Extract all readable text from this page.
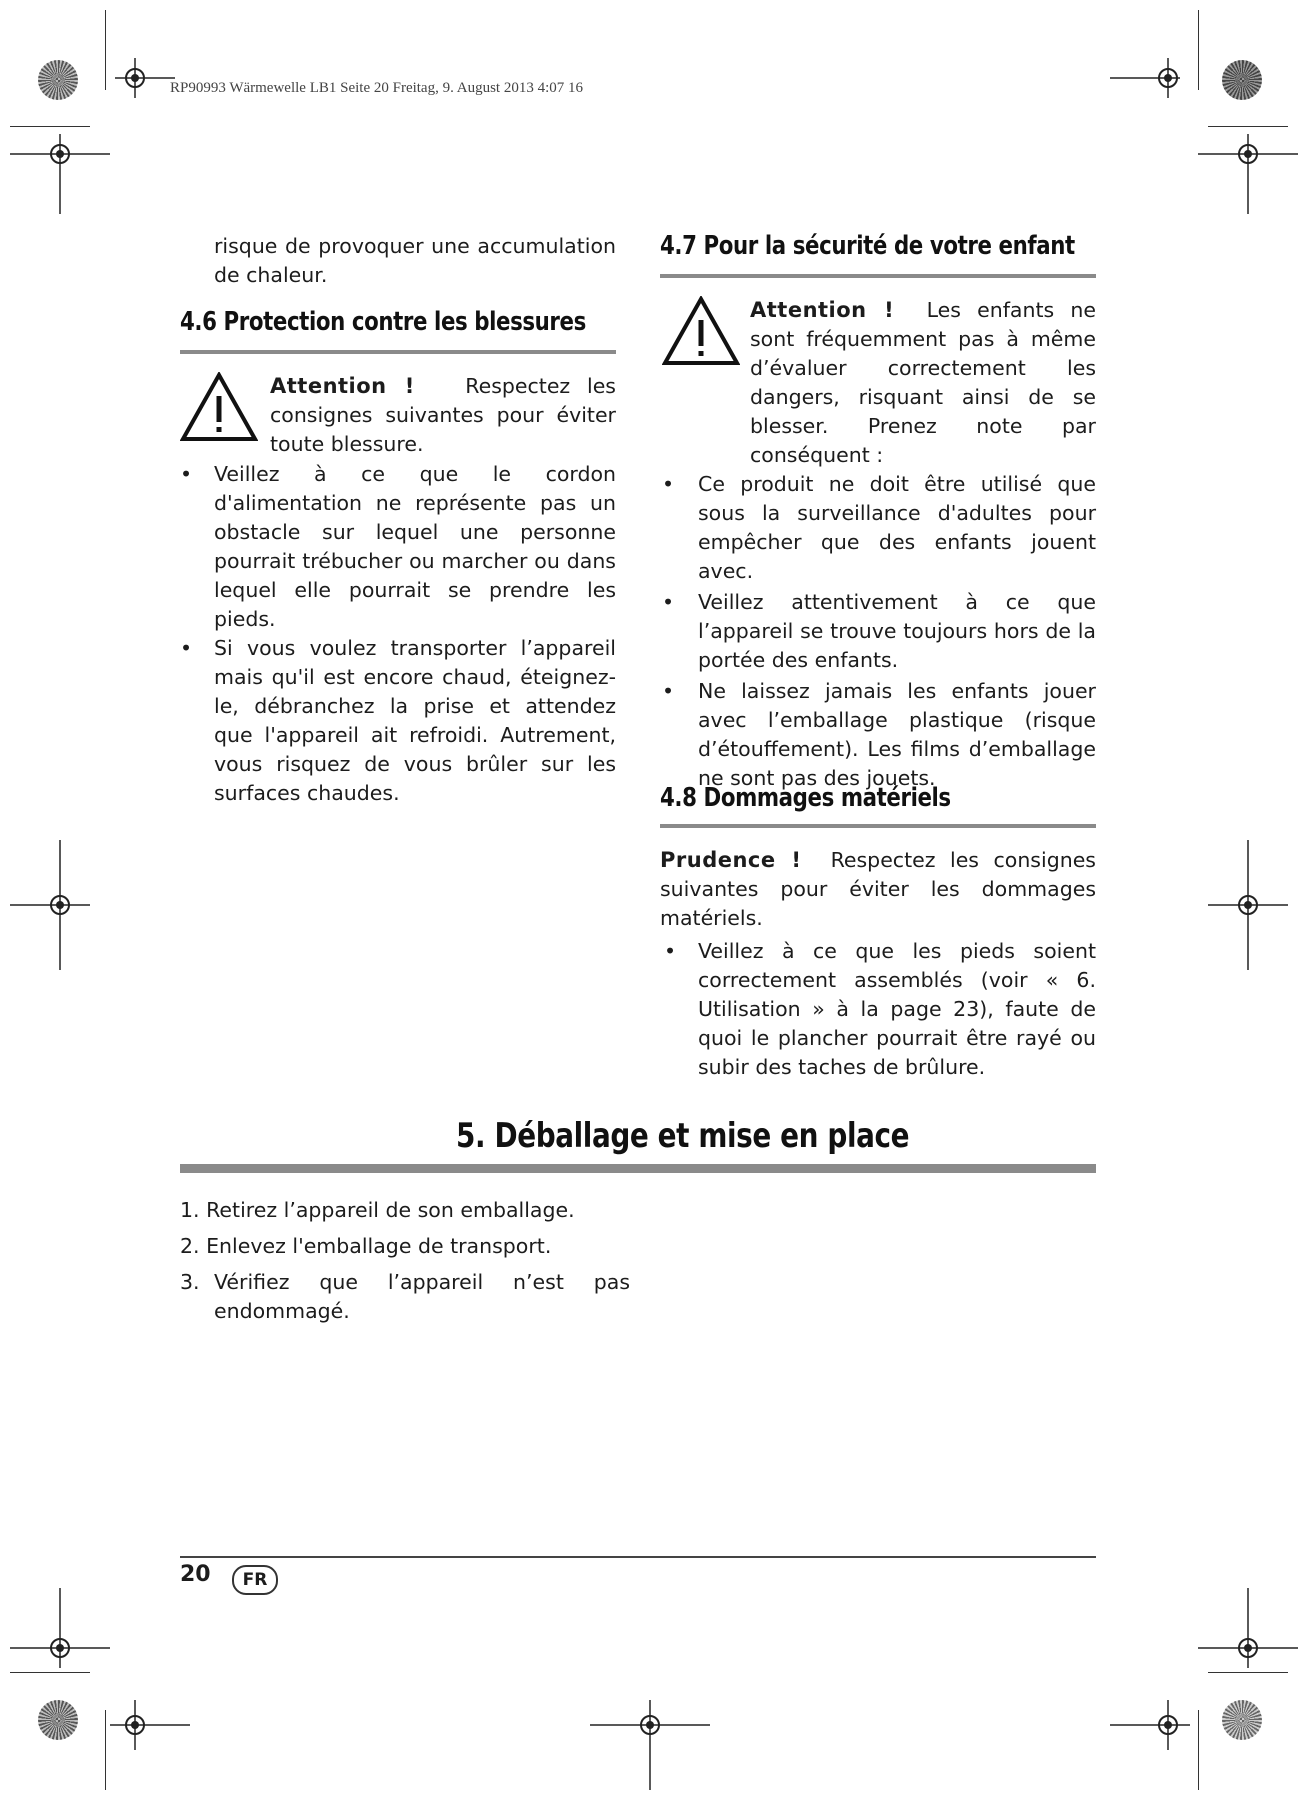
RP90993 Wärmewelle LB1 Seite 20 Freitag, 9. August 2013 4:07 16

risque de provoquer une accumulation de chaleur.

4.6 Protection contre les blessures

Attention ! Respectez les consignes suivantes pour éviter toute blessure.

• Veillez à ce que le cordon d'alimentation ne représente pas un obstacle sur lequel une personne pourrait trébucher ou marcher ou dans lequel elle pourrait se prendre les pieds.

• Si vous voulez transporter l’appareil mais qu'il est encore chaud, éteignez-le, débranchez la prise et attendez que l'appareil ait refroidi. Autrement, vous risquez de vous brûler sur les surfaces chaudes.

4.7 Pour la sécurité de votre enfant

Attention ! Les enfants ne sont fréquemment pas à même d’évaluer correctement les dangers, risquant ainsi de se blesser. Prenez note par conséquent :

• Ce produit ne doit être utilisé que sous la surveillance d'adultes pour empêcher que des enfants jouent avec.

• Veillez attentivement à ce que l’appareil se trouve toujours hors de la portée des enfants.

• Ne laissez jamais les enfants jouer avec l’emballage plastique (risque d’étouffement). Les films d’emballage ne sont pas des jouets.

4.8 Dommages matériels

Prudence ! Respectez les consignes suivantes pour éviter les dommages matériels.

• Veillez à ce que les pieds soient correctement assemblés (voir « 6. Utilisation » à la page 23), faute de quoi le plancher pourrait être rayé ou subir des taches de brûlure.

5. Déballage et mise en place
1. Retirez l’appareil de son emballage.
2. Enlevez l'emballage de transport.
3. Vérifiez que l’appareil n’est pas endommagé.
20	FR
